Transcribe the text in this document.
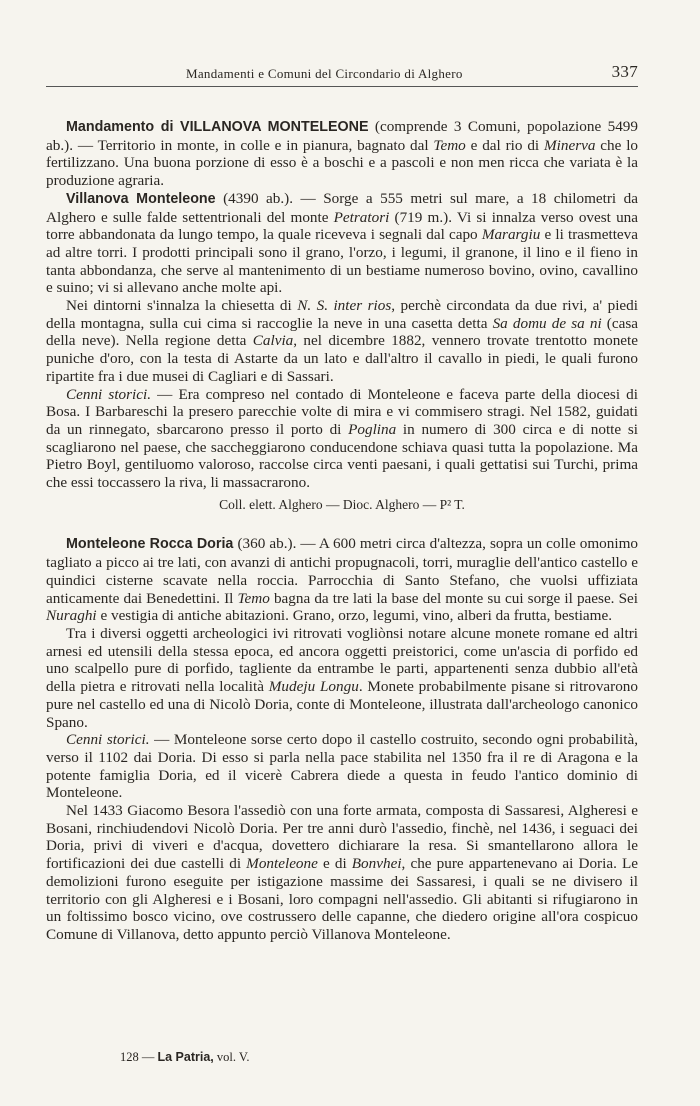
Mandamenti e Comuni del Circondario di Alghero	337

Mandamento di VILLANOVA MONTELEONE (comprende 3 Comuni, popolazione 5499 ab.). — Territorio in monte, in colle e in pianura, bagnato dal Temo e dal rio di Minerva che lo fertilizzano. Una buona porzione di esso è a boschi e a pascoli e non men ricca che variata è la produzione agraria.

Villanova Monteleone (4390 ab.). — Sorge a 555 metri sul mare, a 18 chilometri da Alghero e sulle falde settentrionali del monte Petratori (719 m.). Vi si innalza verso ovest una torre abbandonata da lungo tempo, la quale riceveva i segnali dal capo Marargiu e li trasmetteva ad altre torri. I prodotti principali sono il grano, l'orzo, i legumi, il granone, il lino e il fieno in tanta abbondanza, che serve al mantenimento di un bestiame numeroso bovino, ovino, cavallino e suino; vi si allevano anche molte api.

Nei dintorni s'innalza la chiesetta di N. S. inter rios, perchè circondata da due rivi, a' piedi della montagna, sulla cui cima si raccoglie la neve in una casetta detta Sa domu de sa ni (casa della neve). Nella regione detta Calvia, nel dicembre 1882, vennero trovate trentotto monete puniche d'oro, con la testa di Astarte da un lato e dall'altro il cavallo in piedi, le quali furono ripartite fra i due musei di Cagliari e di Sassari.

Cenni storici. — Era compreso nel contado di Monteleone e faceva parte della diocesi di Bosa. I Barbareschi la presero parecchie volte di mira e vi commisero stragi. Nel 1582, guidati da un rinnegato, sbarcarono presso il porto di Poglina in numero di 300 circa e di notte si scagliarono nel paese, che saccheggiarono conducendone schiava quasi tutta la popolazione. Ma Pietro Boyl, gentiluomo valoroso, raccolse circa venti paesani, i quali gettatisi sui Turchi, prima che essi toccassero la riva, li massacrarono.

Coll. elett. Alghero — Dioc. Alghero — P² T.

Monteleone Rocca Doria (360 ab.). — A 600 metri circa d'altezza, sopra un colle omonimo tagliato a picco ai tre lati, con avanzi di antichi propugnacoli, torri, muraglie dell'antico castello e quindici cisterne scavate nella roccia. Parrocchia di Santo Stefano, che vuolsi uffiziata anticamente dai Benedettini. Il Temo bagna da tre lati la base del monte su cui sorge il paese. Sei Nuraghi e vestigia di antiche abitazioni. Grano, orzo, legumi, vino, alberi da frutta, bestiame.

Tra i diversi oggetti archeologici ivi ritrovati vogliònsi notare alcune monete romane ed altri arnesi ed utensili della stessa epoca, ed ancora oggetti preistorici, come un'ascia di porfido ed uno scalpello pure di porfido, tagliente da entrambe le parti, appartenenti senza dubbio all'età della pietra e ritrovati nella località Mudeju Longu. Monete probabilmente pisane si ritrovarono pure nel castello ed una di Nicolò Doria, conte di Monteleone, illustrata dall'archeologo canonico Spano.

Cenni storici. — Monteleone sorse certo dopo il castello costruito, secondo ogni probabilità, verso il 1102 dai Doria. Di esso si parla nella pace stabilita nel 1350 fra il re di Aragona e la potente famiglia Doria, ed il vicerè Cabrera diede a questa in feudo l'antico dominio di Monteleone.

Nel 1433 Giacomo Besora l'assediò con una forte armata, composta di Sassaresi, Algheresi e Bosani, rinchiudendovi Nicolò Doria. Per tre anni durò l'assedio, finchè, nel 1436, i seguaci dei Doria, privi di viveri e d'acqua, dovettero dichiarare la resa. Si smantellarono allora le fortificazioni dei due castelli di Monteleone e di Bonvhei, che pure appartenevano ai Doria. Le demolizioni furono eseguite per istigazione massime dei Sassaresi, i quali se ne divisero il territorio con gli Algheresi e i Bosani, loro compagni nell'assedio. Gli abitanti si rifugiarono in un foltissimo bosco vicino, ove costrussero delle capanne, che diedero origine all'ora cospicuo Comune di Villanova, detto appunto perciò Villanova Monteleone.

128 — La Patria, vol. V.
